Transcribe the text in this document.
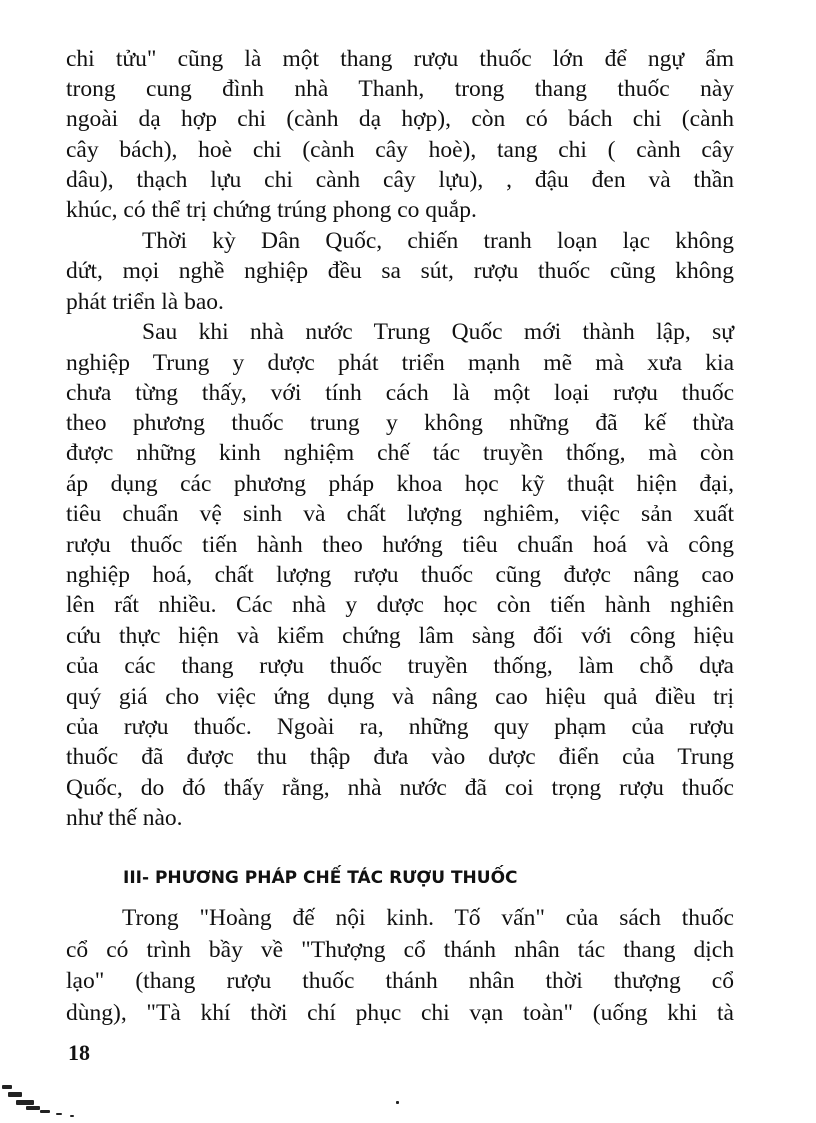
chi tửu" cũng là một thang rượu thuốc lớn để ngự ẩm
trong cung đình nhà Thanh, trong thang thuốc này
ngoài dạ hợp chi (cành dạ hợp), còn có bách chi (cành
cây bách), hoè chi (cành cây hoè), tang chi ( cành cây
dâu), thạch lựu chi cành cây lựu), , đậu đen và thần
khúc, có thể trị chứng trúng phong co quắp.
Thời kỳ Dân Quốc, chiến tranh loạn lạc không
dứt, mọi nghề nghiệp đều sa sút, rượu thuốc cũng không
phát triển là bao.
Sau khi nhà nước Trung Quốc mới thành lập, sự
nghiệp Trung y dược phát triển mạnh mẽ mà xưa kia
chưa từng thấy, với tính cách là một loại rượu thuốc
theo phương thuốc trung y không những đã kế thừa
được những kinh nghiệm chế tác truyền thống, mà còn
áp dụng các phương pháp khoa học kỹ thuật hiện đại,
tiêu chuẩn vệ sinh và chất lượng nghiêm, việc sản xuất
rượu thuốc tiến hành theo hướng tiêu chuẩn hoá và công
nghiệp hoá, chất lượng rượu thuốc cũng được nâng cao
lên rất nhiều. Các nhà y dược học còn tiến hành nghiên
cứu thực hiện và kiểm chứng lâm sàng đối với công hiệu
của các thang rượu thuốc truyền thống, làm chỗ dựa
quý giá cho việc ứng dụng và nâng cao hiệu quả điều trị
của rượu thuốc. Ngoài ra, những quy phạm của rượu
thuốc đã được thu thập đưa vào dược điển của Trung
Quốc, do đó thấy rằng, nhà nước đã coi trọng rượu thuốc
như thế nào.
III- PHƯƠNG PHÁP CHẾ TÁC RƯỢU THUỐC
Trong "Hoàng đế nội kinh. Tố vấn" của sách thuốc
cổ có trình bầy về "Thượng cổ thánh nhân tác thang dịch
lạo" (thang rượu thuốc thánh nhân thời thượng cổ
dùng), "Tà khí thời chí phục chi vạn toàn" (uống khi tà
18
